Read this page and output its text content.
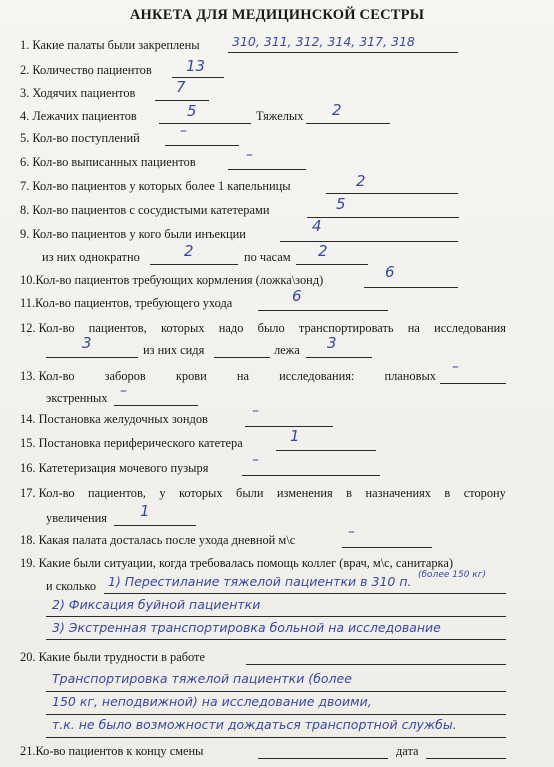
АНКЕТА ДЛЯ МЕДИЦИНСКОЙ СЕСТРЫ
1. Какие палаты были закреплены	310, 311, 312, 314, 317, 318
2. Количество пациентов 13
3. Ходячих пациентов	7
4. Лежачих пациентов	5	Тяжелых 2
5. Кол-во поступлений	–
6. Кол-во выписанных пациентов	–
7. Кол-во пациентов у которых более 1 капельницы	2
8. Кол-во пациентов с сосудистыми катетерами	5
9. Кол-во пациентов у кого были инъекции	4
из них однократно	2	по часам 2
10.Кол-во пациентов требующих кормления (ложка\зонд)	6
11.Кол-во пациентов, требующего ухода	6
12. Кол-во пациентов, которых надо было транспортировать на исследования
3	из них сидя	лежа 3
13. Кол-во заборов крови на исследования: плановых
–
экстренных –
14. Постановка желудочных зондов	–
15. Постановка периферического катетера	1
16. Катетеризация мочевого пузыря	–
17. Кол-во пациентов, у которых были изменения в назначениях в сторону
увеличения 1
18. Какая палата досталась после ухода дневной м\с	–
19. Какие были ситуации, когда требовалась помощь коллег (врач, м\с, санитарка)
и сколько
(более 150 кг)
1) Перестилание тяжелой пациентки в 310 п.
2) Фиксация буйной пациентки
3) Экстренная транспортировка больной на исследование
20. Какие были трудности в работе
Транспортировка тяжелой пациентки (более
150 кг, неподвижной) на исследование двоими,
т.к. не было возможности дождаться транспортной службы.
21.Ко-во пациентов к концу смены	дата
